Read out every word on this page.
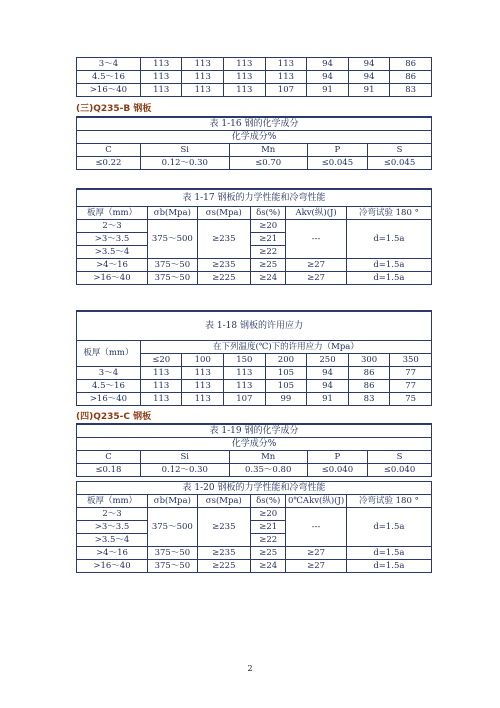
3～4	113	113	113	113	94	94	86
4.5～16	113	113	113	113	94	94	86
>16～40	113	113	113	107	91	91	83
(三)Q235-B 钢板
表 1-16 钢的化学成分				
化学成分%				
C	Si	Mn	P	S
≤0.22	0.12～0.30	≤0.70	≤0.045	≤0.045
表 1-17 钢板的力学性能和冷弯性能					
板厚（mm）	σb(Mpa)	σs(Mpa)	δs(%)	Akv(纵)(J)	冷弯试验 180 °
2～3	375～500	≥235	≥20	---	d=1.5a
>3～3.5			≥21		
>3.5～4			≥22		
>4～16	375～50	≥235	≥25	≥27	d=1.5a
>16～40	375～50	≥225	≥24	≥27	d=1.5a
表 1-18 钢板的许用应力							
板厚（mm）	在下列温度(℃)下的许用应力（Mpa）						
	≤20	100	150	200	250	300	350
3～4	113	113	113	105	94	86	77
4.5～16	113	113	113	105	94	86	77
>16～40	113	113	107	99	91	83	75
(四)Q235-C 钢板
表 1-19 钢的化学成分				
化学成分%				
C	Si	Mn	P	S
≤0.18	0.12～0.30	0.35～0.80	≤0.040	≤0.040
表 1-20 钢板的力学性能和冷弯性能					
板厚（mm）	σb(Mpa)	σs(Mpa)	δs(%)	0℃Akv(纵)(J)	冷弯试验 180 °
2～3	375～500	≥235	≥20	---	d=1.5a
>3～3.5			≥21		
>3.5～4			≥22		
>4～16	375～50	≥235	≥25	≥27	d=1.5a
>16～40	375～50	≥225	≥24	≥27	d=1.5a
2
